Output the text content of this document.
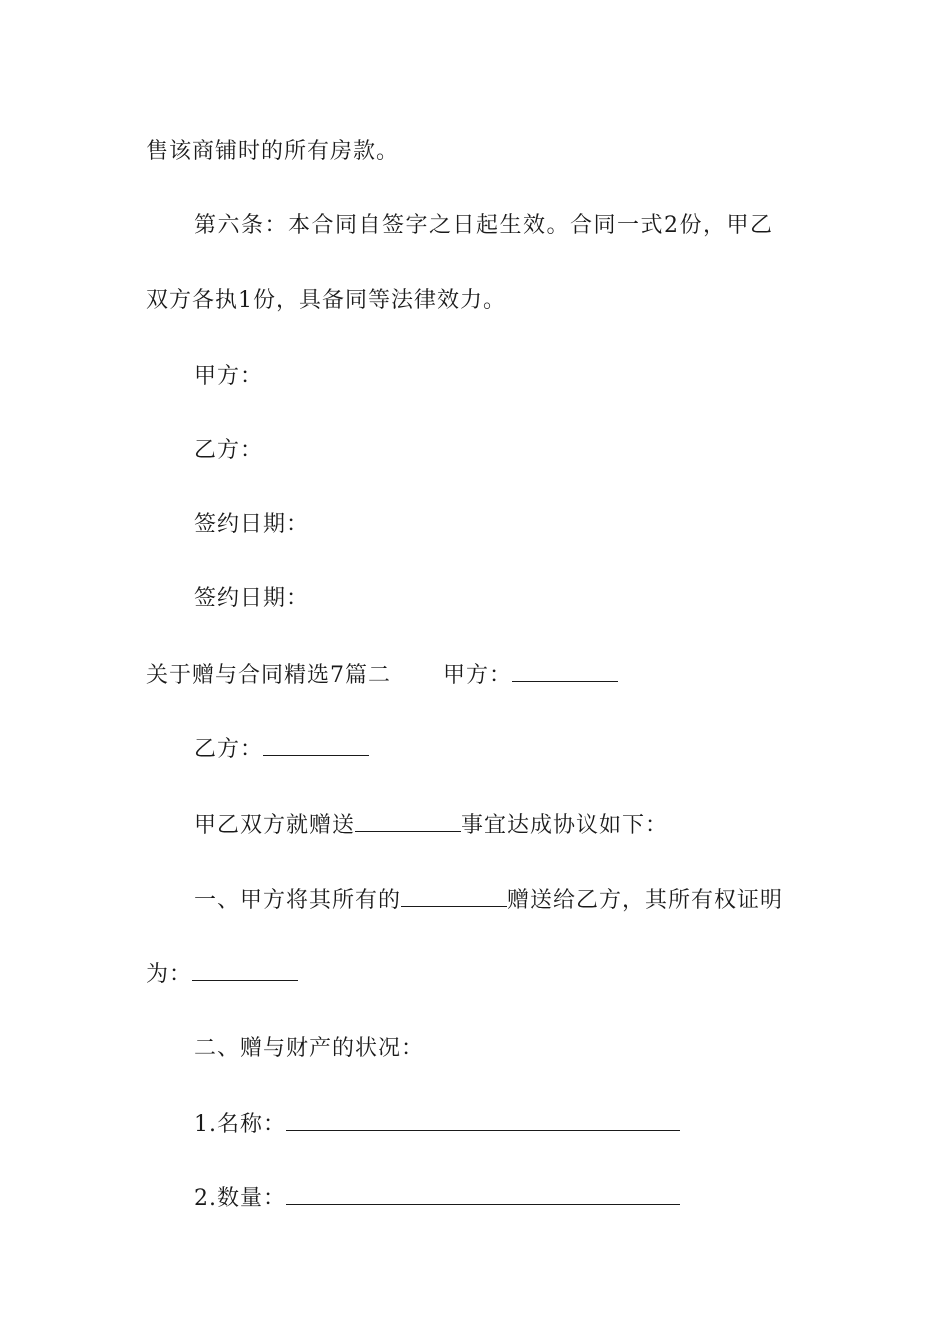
售该商铺时的所有房款。
第六条：本合同自签字之日起生效。合同一式2份，甲乙
双方各执1份，具备同等法律效力。
甲方：
乙方：
签约日期：
签约日期：
关于赠与合同精选7篇二 甲方：
乙方：
甲乙双方就赠送	事宜达成协议如下：
一、甲方将其所有的	赠送给乙方，其所有权证明
为：
二、赠与财产的状况：
1.名称：
2.数量：
